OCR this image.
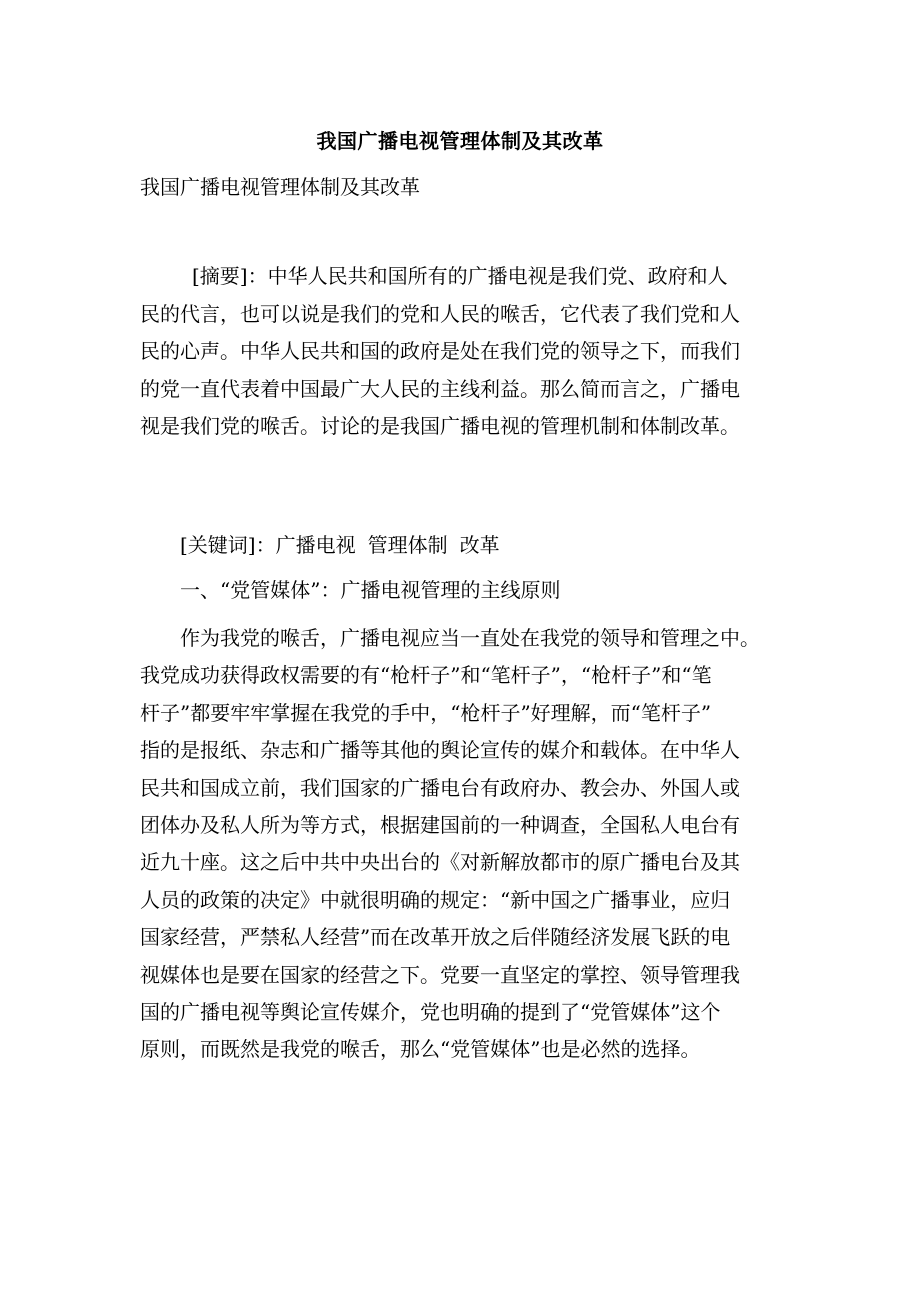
我国广播电视管理体制及其改革
我国广播电视管理体制及其改革
[摘要]：中华人民共和国所有的广播电视是我们党、政府和人
民的代言，也可以说是我们的党和人民的喉舌，它代表了我们党和人
民的心声。中华人民共和国的政府是处在我们党的领导之下，而我们
的党一直代表着中国最广大人民的主线利益。那么简而言之，广播电
视是我们党的喉舌。讨论的是我国广播电视的管理机制和体制改革。
[关键词]：广播电视 管理体制 改革
一、“党管媒体”：广播电视管理的主线原则
作为我党的喉舌，广播电视应当一直处在我党的领导和管理之中。
我党成功获得政权需要的有“枪杆子”和“笔杆子”，“枪杆子”和“笔
杆子”都要牢牢掌握在我党的手中，“枪杆子”好理解，而“笔杆子”
指的是报纸、杂志和广播等其他的舆论宣传的媒介和载体。在中华人
民共和国成立前，我们国家的广播电台有政府办、教会办、外国人或
团体办及私人所为等方式，根据建国前的一种调查，全国私人电台有
近九十座。这之后中共中央出台的《对新解放都市的原广播电台及其
人员的政策的决定》中就很明确的规定：“新中国之广播事业，应归
国家经营，严禁私人经营”而在改革开放之后伴随经济发展飞跃的电
视媒体也是要在国家的经营之下。党要一直坚定的掌控、领导管理我
国的广播电视等舆论宣传媒介，党也明确的提到了“党管媒体”这个
原则，而既然是我党的喉舌，那么“党管媒体”也是必然的选择。
